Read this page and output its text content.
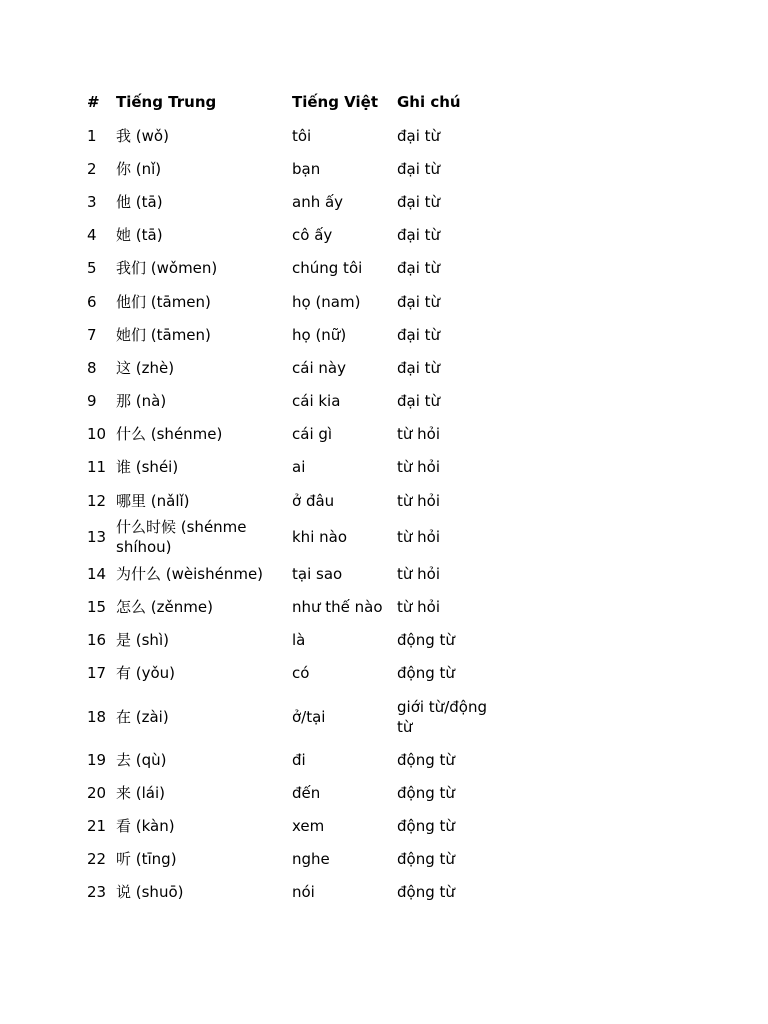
#	Tiếng Trung	Tiếng Việt	Ghi chú
1	我 (wǒ)	tôi	đại từ
2	你 (nǐ)	bạn	đại từ
3	他 (tā)	anh ấy	đại từ
4	她 (tā)	cô ấy	đại từ
5	我们 (wǒmen)	chúng tôi	đại từ
6	他们 (tāmen)	họ (nam)	đại từ
7	她们 (tāmen)	họ (nữ)	đại từ
8	这 (zhè)	cái này	đại từ
9	那 (nà)	cái kia	đại từ
10	什么 (shénme)	cái gì	từ hỏi
11	谁 (shéi)	ai	từ hỏi
12	哪里 (nǎlǐ)	ở đâu	từ hỏi
13	什么时候 (shénme shíhou)	khi nào	từ hỏi
14	为什么 (wèishénme)	tại sao	từ hỏi
15	怎么 (zěnme)	như thế nào	từ hỏi
16	是 (shì)	là	động từ
17	有 (yǒu)	có	động từ
18	在 (zài)	ở/tại	giới từ/động từ
19	去 (qù)	đi	động từ
20	来 (lái)	đến	động từ
21	看 (kàn)	xem	động từ
22	听 (tīng)	nghe	động từ
23	说 (shuō)	nói	động từ
